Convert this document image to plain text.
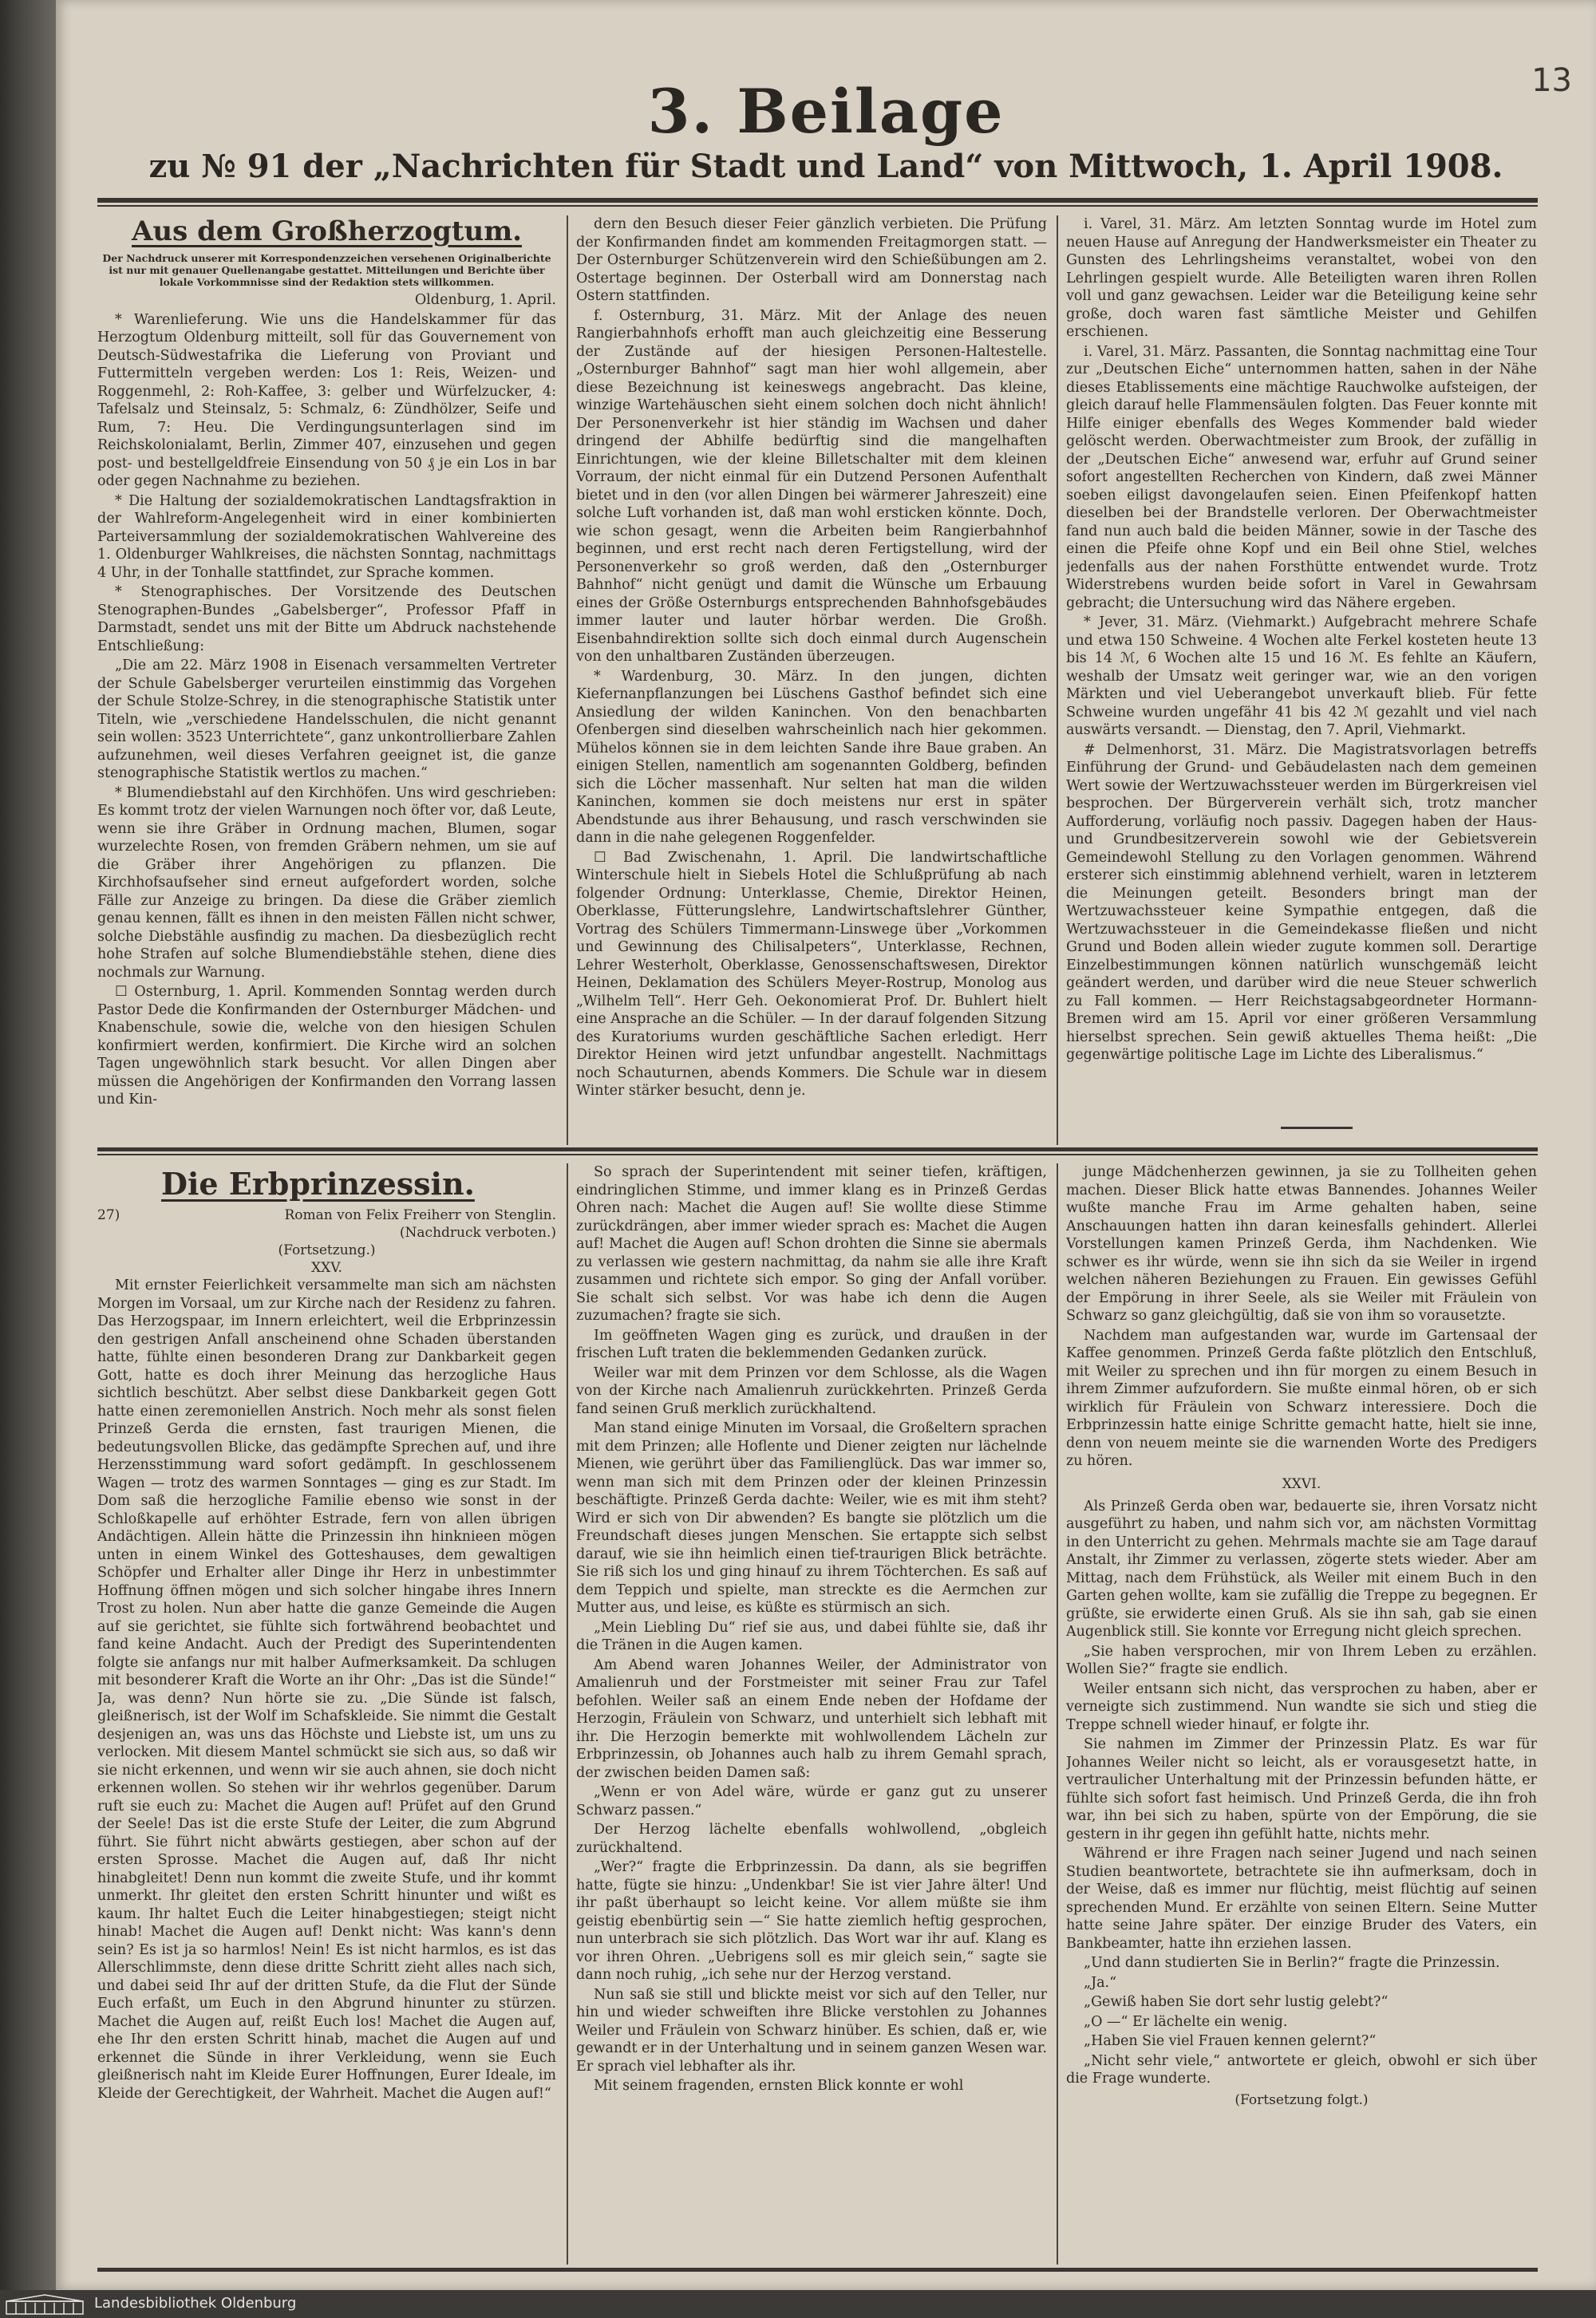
13
3. Beilage
zu № 91 der „Nachrichten für Stadt und Land“ von Mittwoch, 1. April 1908.
Aus dem Großherzogtum.
Der Nachdruck unserer mit Korrespondenzzeichen versehenen Originalberichte ist nur mit genauer Quellenangabe gestattet. Mitteilungen und Berichte über lokale Vorkommnisse sind der Redaktion stets willkommen.
Oldenburg, 1. April.

* Warenlieferung. Wie uns die Handelskammer für das Herzogtum Oldenburg mitteilt, soll für das Gouvernement von Deutsch-Südwestafrika die Lieferung von Proviant und Futtermitteln vergeben werden: Los 1: Reis, Weizen- und Roggenmehl, 2: Roh-Kaffee, 3: gelber und Würfelzucker, 4: Tafelsalz und Steinsalz, 5: Schmalz, 6: Zündhölzer, Seife und Rum, 7: Heu. Die Verdingungsunterlagen sind im Reichskolonialamt, Berlin, Zimmer 407, einzusehen und gegen post- und bestellgeldfreie Einsendung von 50 ₰ je ein Los in bar oder gegen Nachnahme zu beziehen.

* Die Haltung der sozialdemokratischen Landtagsfraktion in der Wahlreform-Angelegenheit wird in einer kombinierten Parteiversammlung der sozialdemokratischen Wahlvereine des 1. Oldenburger Wahlkreises, die nächsten Sonntag, nachmittags 4 Uhr, in der Tonhalle stattfindet, zur Sprache kommen.

* Stenographisches. Der Vorsitzende des Deutschen Stenographen-Bundes „Gabelsberger“, Professor Pfaff in Darmstadt, sendet uns mit der Bitte um Abdruck nachstehende Entschließung:

„Die am 22. März 1908 in Eisenach versammelten Vertreter der Schule Gabelsberger verurteilen einstimmig das Vorgehen der Schule Stolze-Schrey, in die stenographische Statistik unter Titeln, wie „verschiedene Handelsschulen, die nicht genannt sein wollen: 3523 Unterrichtete“, ganz unkontrollierbare Zahlen aufzunehmen, weil dieses Verfahren geeignet ist, die ganze stenographische Statistik wertlos zu machen.“

* Blumendiebstahl auf den Kirchhöfen. Uns wird geschrieben: Es kommt trotz der vielen Warnungen noch öfter vor, daß Leute, wenn sie ihre Gräber in Ordnung machen, Blumen, sogar wurzelechte Rosen, von fremden Gräbern nehmen, um sie auf die Gräber ihrer Angehörigen zu pflanzen. Die Kirchhofsaufseher sind erneut aufgefordert worden, solche Fälle zur Anzeige zu bringen. Da diese die Gräber ziemlich genau kennen, fällt es ihnen in den meisten Fällen nicht schwer, solche Diebstähle ausfindig zu machen. Da diesbezüglich recht hohe Strafen auf solche Blumendiebstähle stehen, diene dies nochmals zur Warnung.

☐ Osternburg, 1. April. Kommenden Sonntag werden durch Pastor Dede die Konfirmanden der Osternburger Mädchen- und Knabenschule, sowie die, welche von den hiesigen Schulen konfirmiert werden, konfirmiert. Die Kirche wird an solchen Tagen ungewöhnlich stark besucht. Vor allen Dingen aber müssen die Angehörigen der Konfirmanden den Vorrang lassen und Kin-

dern den Besuch dieser Feier gänzlich verbieten. Die Prüfung der Konfirmanden findet am kommenden Freitagmorgen statt. — Der Osternburger Schützenverein wird den Schießübungen am 2. Ostertage beginnen. Der Osterball wird am Donnerstag nach Ostern stattfinden.

f. Osternburg, 31. März. Mit der Anlage des neuen Rangierbahnhofs erhofft man auch gleichzeitig eine Besserung der Zustände auf der hiesigen Personen-Haltestelle. „Osternburger Bahnhof“ sagt man hier wohl allgemein, aber diese Bezeichnung ist keineswegs angebracht. Das kleine, winzige Wartehäuschen sieht einem solchen doch nicht ähnlich! Der Personenverkehr ist hier ständig im Wachsen und daher dringend der Abhilfe bedürftig sind die mangelhaften Einrichtungen, wie der kleine Billetschalter mit dem kleinen Vorraum, der nicht einmal für ein Dutzend Personen Aufenthalt bietet und in den (vor allen Dingen bei wärmerer Jahreszeit) eine solche Luft vorhanden ist, daß man wohl ersticken könnte. Doch, wie schon gesagt, wenn die Arbeiten beim Rangierbahnhof beginnen, und erst recht nach deren Fertigstellung, wird der Personenverkehr so groß werden, daß den „Osternburger Bahnhof“ nicht genügt und damit die Wünsche um Erbauung eines der Größe Osternburgs entsprechenden Bahnhofsgebäudes immer lauter und lauter hörbar werden. Die Großh. Eisenbahndirektion sollte sich doch einmal durch Augenschein von den unhaltbaren Zuständen überzeugen.

* Wardenburg, 30. März. In den jungen, dichten Kiefernanpflanzungen bei Lüschens Gasthof befindet sich eine Ansiedlung der wilden Kaninchen. Von den benachbarten Ofenbergen sind dieselben wahrscheinlich nach hier gekommen. Mühelos können sie in dem leichten Sande ihre Baue graben. An einigen Stellen, namentlich am sogenannten Goldberg, befinden sich die Löcher massenhaft. Nur selten hat man die wilden Kaninchen, kommen sie doch meistens nur erst in später Abendstunde aus ihrer Behausung, und rasch verschwinden sie dann in die nahe gelegenen Roggenfelder.

☐ Bad Zwischenahn, 1. April. Die landwirtschaftliche Winterschule hielt in Siebels Hotel die Schlußprüfung ab nach folgender Ordnung: Unterklasse, Chemie, Direktor Heinen, Oberklasse, Fütterungslehre, Landwirtschaftslehrer Günther, Vortrag des Schülers Timmermann-Linswege über „Vorkommen und Gewinnung des Chilisalpeters“, Unterklasse, Rechnen, Lehrer Westerholt, Oberklasse, Genossenschaftswesen, Direktor Heinen, Deklamation des Schülers Meyer-Rostrup, Monolog aus „Wilhelm Tell“. Herr Geh. Oekonomierat Prof. Dr. Buhlert hielt eine Ansprache an die Schüler. — In der darauf folgenden Sitzung des Kuratoriums wurden geschäftliche Sachen erledigt. Herr Direktor Heinen wird jetzt unfundbar angestellt. Nachmittags noch Schauturnen, abends Kommers. Die Schule war in diesem Winter stärker besucht, denn je.

i. Varel, 31. März. Am letzten Sonntag wurde im Hotel zum neuen Hause auf Anregung der Handwerksmeister ein Theater zu Gunsten des Lehrlingsheims veranstaltet, wobei von den Lehrlingen gespielt wurde. Alle Beteiligten waren ihren Rollen voll und ganz gewachsen. Leider war die Beteiligung keine sehr große, doch waren fast sämtliche Meister und Gehilfen erschienen.

i. Varel, 31. März. Passanten, die Sonntag nachmittag eine Tour zur „Deutschen Eiche“ unternommen hatten, sahen in der Nähe dieses Etablissements eine mächtige Rauchwolke aufsteigen, der gleich darauf helle Flammensäulen folgten. Das Feuer konnte mit Hilfe einiger ebenfalls des Weges Kommender bald wieder gelöscht werden. Oberwachtmeister zum Brook, der zufällig in der „Deutschen Eiche“ anwesend war, erfuhr auf Grund seiner sofort angestellten Recherchen von Kindern, daß zwei Männer soeben eiligst davongelaufen seien. Einen Pfeifenkopf hatten dieselben bei der Brandstelle verloren. Der Oberwachtmeister fand nun auch bald die beiden Männer, sowie in der Tasche des einen die Pfeife ohne Kopf und ein Beil ohne Stiel, welches jedenfalls aus der nahen Forsthütte entwendet wurde. Trotz Widerstrebens wurden beide sofort in Varel in Gewahrsam gebracht; die Untersuchung wird das Nähere ergeben.

* Jever, 31. März. (Viehmarkt.) Aufgebracht mehrere Schafe und etwa 150 Schweine. 4 Wochen alte Ferkel kosteten heute 13 bis 14 ℳ, 6 Wochen alte 15 und 16 ℳ. Es fehlte an Käufern, weshalb der Umsatz weit geringer war, wie an den vorigen Märkten und viel Ueberangebot unverkauft blieb. Für fette Schweine wurden ungefähr 41 bis 42 ℳ gezahlt und viel nach auswärts versandt. — Dienstag, den 7. April, Viehmarkt.

# Delmenhorst, 31. März. Die Magistratsvorlagen betreffs Einführung der Grund- und Gebäudelasten nach dem gemeinen Wert sowie der Wertzuwachssteuer werden im Bürgerkreisen viel besprochen. Der Bürgerverein verhält sich, trotz mancher Aufforderung, vorläufig noch passiv. Dagegen haben der Haus- und Grundbesitzerverein sowohl wie der Gebietsverein Gemeindewohl Stellung zu den Vorlagen genommen. Während ersterer sich einstimmig ablehnend verhielt, waren in letzterem die Meinungen geteilt. Besonders bringt man der Wertzuwachssteuer keine Sympathie entgegen, daß die Wertzuwachssteuer in die Gemeindekasse fließen und nicht Grund und Boden allein wieder zugute kommen soll. Derartige Einzelbestimmungen können natürlich wunschgemäß leicht geändert werden, und darüber wird die neue Steuer schwerlich zu Fall kommen. — Herr Reichstagsabgeordneter Hormann-Bremen wird am 15. April vor einer größeren Versammlung hierselbst sprechen. Sein gewiß aktuelles Thema heißt: „Die gegenwärtige politische Lage im Lichte des Liberalismus.“

Die Erbprinzessin.
27)	Roman von Felix Freiherr von Stenglin.
(Nachdruck verboten.)
(Fortsetzung.)
XXV.

Mit ernster Feierlichkeit versammelte man sich am nächsten Morgen im Vorsaal, um zur Kirche nach der Residenz zu fahren. Das Herzogspaar, im Innern erleichtert, weil die Erbprinzessin den gestrigen Anfall anscheinend ohne Schaden überstanden hatte, fühlte einen besonderen Drang zur Dankbarkeit gegen Gott, hatte es doch ihrer Meinung das herzogliche Haus sichtlich beschützt. Aber selbst diese Dankbarkeit gegen Gott hatte einen zeremoniellen Anstrich. Noch mehr als sonst fielen Prinzeß Gerda die ernsten, fast traurigen Mienen, die bedeutungsvollen Blicke, das gedämpfte Sprechen auf, und ihre Herzensstimmung ward sofort gedämpft. In geschlossenem Wagen — trotz des warmen Sonntages — ging es zur Stadt. Im Dom saß die herzogliche Familie ebenso wie sonst in der Schloßkapelle auf erhöhter Estrade, fern von allen übrigen Andächtigen. Allein hätte die Prinzessin ihn hinknieen mögen unten in einem Winkel des Gotteshauses, dem gewaltigen Schöpfer und Erhalter aller Dinge ihr Herz in unbestimmter Hoffnung öffnen mögen und sich solcher hingabe ihres Innern Trost zu holen. Nun aber hatte die ganze Gemeinde die Augen auf sie gerichtet, sie fühlte sich fortwährend beobachtet und fand keine Andacht. Auch der Predigt des Superintendenten folgte sie anfangs nur mit halber Aufmerksamkeit. Da schlugen mit besonderer Kraft die Worte an ihr Ohr: „Das ist die Sünde!“ Ja, was denn? Nun hörte sie zu. „Die Sünde ist falsch, gleißnerisch, ist der Wolf im Schafskleide. Sie nimmt die Gestalt desjenigen an, was uns das Höchste und Liebste ist, um uns zu verlocken. Mit diesem Mantel schmückt sie sich aus, so daß wir sie nicht erkennen, und wenn wir sie auch ahnen, sie doch nicht erkennen wollen. So stehen wir ihr wehrlos gegenüber. Darum ruft sie euch zu: Machet die Augen auf! Prüfet auf den Grund der Seele! Das ist die erste Stufe der Leiter, die zum Abgrund führt. Sie führt nicht abwärts gestiegen, aber schon auf der ersten Sprosse. Machet die Augen auf, daß Ihr nicht hinabgleitet! Denn nun kommt die zweite Stufe, und ihr kommt unmerkt. Ihr gleitet den ersten Schritt hinunter und wißt es kaum. Ihr haltet Euch die Leiter hinabgestiegen; steigt nicht hinab! Machet die Augen auf! Denkt nicht: Was kann's denn sein? Es ist ja so harmlos! Nein! Es ist nicht harmlos, es ist das Allerschlimmste, denn diese dritte Schritt zieht alles nach sich, und dabei seid Ihr auf der dritten Stufe, da die Flut der Sünde Euch erfaßt, um Euch in den Abgrund hinunter zu stürzen. Machet die Augen auf, reißt Euch los! Machet die Augen auf, ehe Ihr den ersten Schritt hinab, machet die Augen auf und erkennet die Sünde in ihrer Verkleidung, wenn sie Euch gleißnerisch naht im Kleide Eurer Hoffnungen, Eurer Ideale, im Kleide der Gerechtigkeit, der Wahrheit. Machet die Augen auf!“

So sprach der Superintendent mit seiner tiefen, kräftigen, eindringlichen Stimme, und immer klang es in Prinzeß Gerdas Ohren nach: Machet die Augen auf! Sie wollte diese Stimme zurückdrängen, aber immer wieder sprach es: Machet die Augen auf! Machet die Augen auf! Schon drohten die Sinne sie abermals zu verlassen wie gestern nachmittag, da nahm sie alle ihre Kraft zusammen und richtete sich empor. So ging der Anfall vorüber. Sie schalt sich selbst. Vor was habe ich denn die Augen zuzumachen? fragte sie sich.

Im geöffneten Wagen ging es zurück, und draußen in der frischen Luft traten die beklemmenden Gedanken zurück.

Weiler war mit dem Prinzen vor dem Schlosse, als die Wagen von der Kirche nach Amalienruh zurückkehrten. Prinzeß Gerda fand seinen Gruß merklich zurückhaltend.

Man stand einige Minuten im Vorsaal, die Großeltern sprachen mit dem Prinzen; alle Hoflente und Diener zeigten nur lächelnde Mienen, wie gerührt über das Familienglück. Das war immer so, wenn man sich mit dem Prinzen oder der kleinen Prinzessin beschäftigte. Prinzeß Gerda dachte: Weiler, wie es mit ihm steht? Wird er sich von Dir abwenden? Es bangte sie plötzlich um die Freundschaft dieses jungen Menschen. Sie ertappte sich selbst darauf, wie sie ihn heimlich einen tief-traurigen Blick beträchte. Sie riß sich los und ging hinauf zu ihrem Töchterchen. Es saß auf dem Teppich und spielte, man streckte es die Aermchen zur Mutter aus, und leise, es küßte es stürmisch an sich.

„Mein Liebling Du“ rief sie aus, und dabei fühlte sie, daß ihr die Tränen in die Augen kamen.

Am Abend waren Johannes Weiler, der Administrator von Amalienruh und der Forstmeister mit seiner Frau zur Tafel befohlen. Weiler saß an einem Ende neben der Hofdame der Herzogin, Fräulein von Schwarz, und unterhielt sich lebhaft mit ihr. Die Herzogin bemerkte mit wohlwollendem Lächeln zur Erbprinzessin, ob Johannes auch halb zu ihrem Gemahl sprach, der zwischen beiden Damen saß:

„Wenn er von Adel wäre, würde er ganz gut zu unserer Schwarz passen.“

Der Herzog lächelte ebenfalls wohlwollend, „obgleich zurückhaltend.

„Wer?“ fragte die Erbprinzessin. Da dann, als sie begriffen hatte, fügte sie hinzu: „Undenkbar! Sie ist vier Jahre älter! Und ihr paßt überhaupt so leicht keine. Vor allem müßte sie ihm geistig ebenbürtig sein —“ Sie hatte ziemlich heftig gesprochen, nun unterbrach sie sich plötzlich. Das Wort war ihr auf. Klang es vor ihren Ohren. „Uebrigens soll es mir gleich sein,“ sagte sie dann noch ruhig, „ich sehe nur der Herzog verstand.

Nun saß sie still und blickte meist vor sich auf den Teller, nur hin und wieder schweiften ihre Blicke verstohlen zu Johannes Weiler und Fräulein von Schwarz hinüber. Es schien, daß er, wie gewandt er in der Unterhaltung und in seinem ganzen Wesen war. Er sprach viel lebhafter als ihr.

Mit seinem fragenden, ernsten Blick konnte er wohl

junge Mädchenherzen gewinnen, ja sie zu Tollheiten gehen machen. Dieser Blick hatte etwas Bannendes. Johannes Weiler wußte manche Frau im Arme gehalten haben, seine Anschauungen hatten ihn daran keinesfalls gehindert. Allerlei Vorstellungen kamen Prinzeß Gerda, ihm Nachdenken. Wie schwer es ihr würde, wenn sie ihn sich da sie Weiler in irgend welchen näheren Beziehungen zu Frauen. Ein gewisses Gefühl der Empörung in ihrer Seele, als sie Weiler mit Fräulein von Schwarz so ganz gleichgültig, daß sie von ihm so vorausetzte.

Nachdem man aufgestanden war, wurde im Gartensaal der Kaffee genommen. Prinzeß Gerda faßte plötzlich den Entschluß, mit Weiler zu sprechen und ihn für morgen zu einem Besuch in ihrem Zimmer aufzufordern. Sie mußte einmal hören, ob er sich wirklich für Fräulein von Schwarz interessiere. Doch die Erbprinzessin hatte einige Schritte gemacht hatte, hielt sie inne, denn von neuem meinte sie die warnenden Worte des Predigers zu hören.

XXVI.

Als Prinzeß Gerda oben war, bedauerte sie, ihren Vorsatz nicht ausgeführt zu haben, und nahm sich vor, am nächsten Vormittag in den Unterricht zu gehen. Mehrmals machte sie am Tage darauf Anstalt, ihr Zimmer zu verlassen, zögerte stets wieder. Aber am Mittag, nach dem Frühstück, als Weiler mit einem Buch in den Garten gehen wollte, kam sie zufällig die Treppe zu begegnen. Er grüßte, sie erwiderte einen Gruß. Als sie ihn sah, gab sie einen Augenblick still. Sie konnte vor Erregung nicht gleich sprechen.

„Sie haben versprochen, mir von Ihrem Leben zu erzählen. Wollen Sie?“ fragte sie endlich.

Weiler entsann sich nicht, das versprochen zu haben, aber er verneigte sich zustimmend. Nun wandte sie sich und stieg die Treppe schnell wieder hinauf, er folgte ihr.

Sie nahmen im Zimmer der Prinzessin Platz. Es war für Johannes Weiler nicht so leicht, als er vorausgesetzt hatte, in vertraulicher Unterhaltung mit der Prinzessin befunden hätte, er fühlte sich sofort fast heimisch. Und Prinzeß Gerda, die ihn froh war, ihn bei sich zu haben, spürte von der Empörung, die sie gestern in ihr gegen ihn gefühlt hatte, nichts mehr.

Während er ihre Fragen nach seiner Jugend und nach seinen Studien beantwortete, betrachtete sie ihn aufmerksam, doch in der Weise, daß es immer nur flüchtig, meist flüchtig auf seinen sprechenden Mund. Er erzählte von seinen Eltern. Seine Mutter hatte seine Jahre später. Der einzige Bruder des Vaters, ein Bankbeamter, hatte ihn erziehen lassen.

„Und dann studierten Sie in Berlin?“ fragte die Prinzessin.

„Ja.“

„Gewiß haben Sie dort sehr lustig gelebt?“

„O —“ Er lächelte ein wenig.

„Haben Sie viel Frauen kennen gelernt?“

„Nicht sehr viele,“ antwortete er gleich, obwohl er sich über die Frage wunderte.

(Fortsetzung folgt.)
Landesbibliothek Oldenburg
